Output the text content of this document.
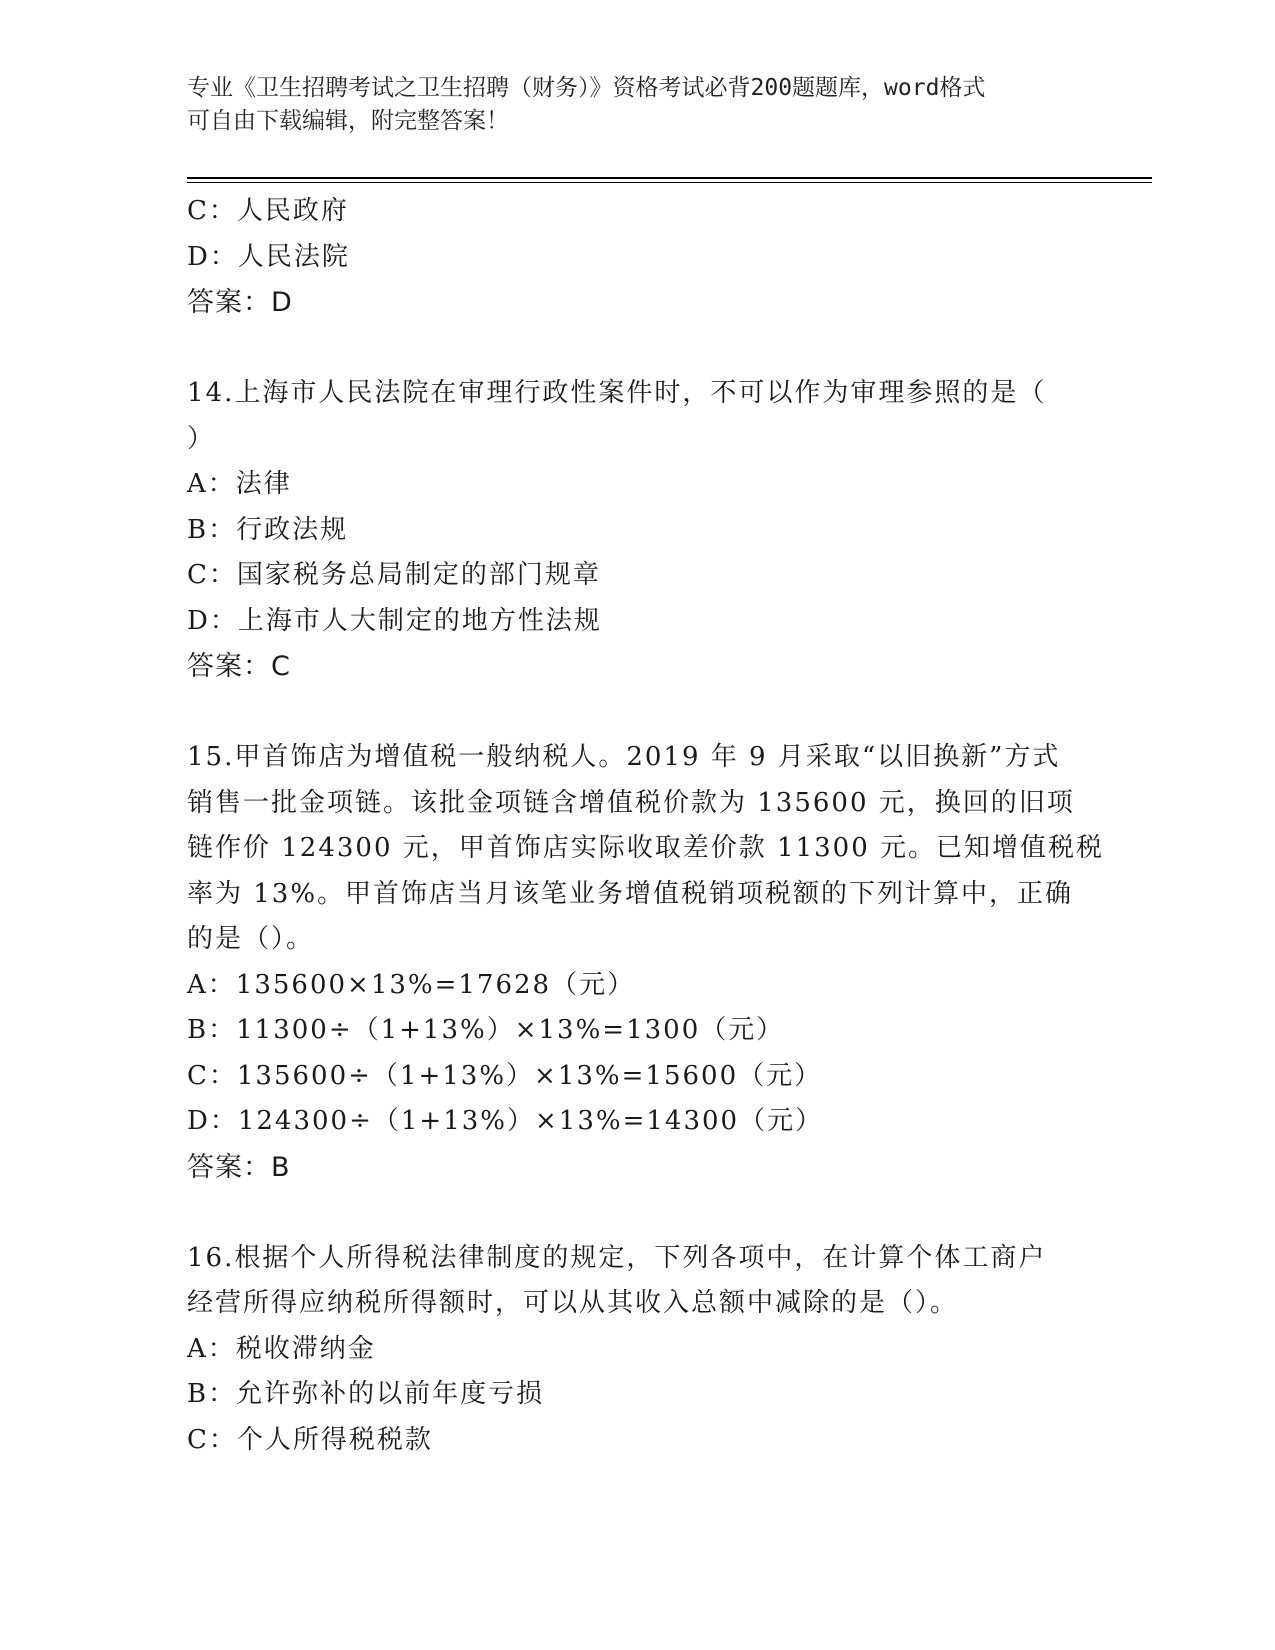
专业《卫生招聘考试之卫生招聘（财务）》资格考试必背200题题库，word格式
可自由下载编辑，附完整答案！
C：人民政府
D：人民法院
答案：D
14.上海市人民法院在审理行政性案件时，不可以作为审理参照的是（
）
A：法律
B：行政法规
C：国家税务总局制定的部门规章
D：上海市人大制定的地方性法规
答案：C
15.甲首饰店为增值税一般纳税人。2019 年 9 月采取“以旧换新”方式
销售一批金项链。该批金项链含增值税价款为 135600 元，换回的旧项
链作价 124300 元，甲首饰店实际收取差价款 11300 元。已知增值税税
率为 13%。甲首饰店当月该笔业务增值税销项税额的下列计算中，正确
的是（）。
A：135600×13%=17628（元）
B：11300÷（1+13%）×13%=1300（元）
C：135600÷（1+13%）×13%=15600（元）
D：124300÷（1+13%）×13%=14300（元）
答案：B
16.根据个人所得税法律制度的规定，下列各项中，在计算个体工商户
经营所得应纳税所得额时，可以从其收入总额中减除的是（）。
A：税收滞纳金
B：允许弥补的以前年度亏损
C：个人所得税税款
